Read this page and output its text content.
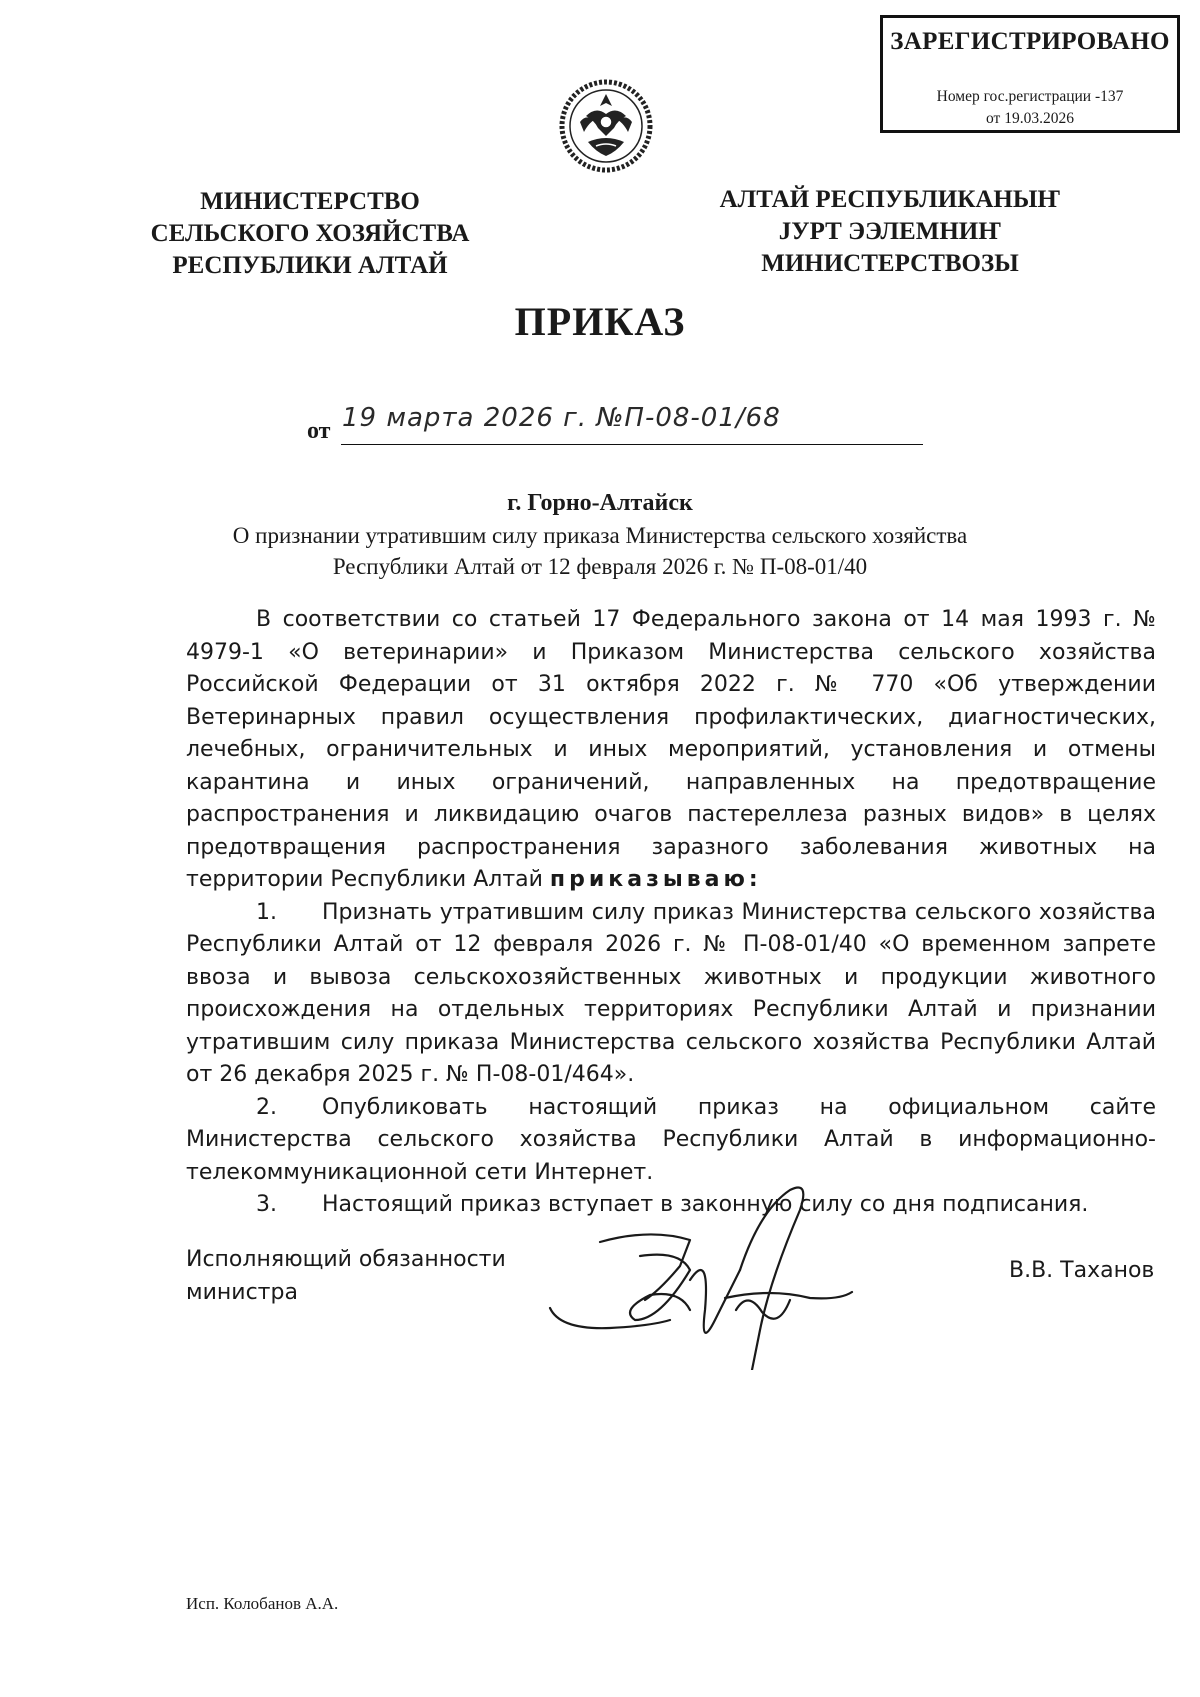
ЗАРЕГИСТРИРОВАНО
Номер гос.регистрации -137
от 19.03.2026
МИНИСТЕРСТВО
СЕЛЬСКОГО ХОЗЯЙСТВА
РЕСПУБЛИКИ АЛТАЙ
АЛТАЙ РЕСПУБЛИКАНЫҤ
ЈУРТ ЭЭЛЕМНИҤ
МИНИСТЕРСТВОЗЫ
ПРИКАЗ
от 19 марта 2026 г. №П-08-01/68
г. Горно-Алтайск
О признании утратившим силу приказа Министерства сельского хозяйства
Республики Алтай от 12 февраля 2026 г. № П-08-01/40

В соответствии со статьей 17 Федерального закона от 14 мая 1993 г. № 4979-1 «О ветеринарии» и Приказом Министерства сельского хозяйства Российской Федерации от 31 октября 2022 г. № 770 «Об утверждении Ветеринарных правил осуществления профилактических, диагностических, лечебных, ограничительных и иных мероприятий, установления и отмены карантина и иных ограничений, направленных на предотвращение распространения и ликвидацию очагов пастереллеза разных видов» в целях предотвращения распространения заразного заболевания животных на территории Республики Алтай приказываю:

1. Признать утратившим силу приказ Министерства сельского хозяйства Республики Алтай от 12 февраля 2026 г. № П-08-01/40 «О временном запрете ввоза и вывоза сельскохозяйственных животных и продукции животного происхождения на отдельных территориях Республики Алтай и признании утратившим силу приказа Министерства сельского хозяйства Республики Алтай от 26 декабря 2025 г. № П-08-01/464».

2. Опубликовать настоящий приказ на официальном сайте Министерства сельского хозяйства Республики Алтай в информационно-телекоммуникационной сети Интернет.

3. Настоящий приказ вступает в законную силу со дня подписания.

Исполняющий обязанности
министра
В.В. Таханов
Исп. Колобанов А.А.
